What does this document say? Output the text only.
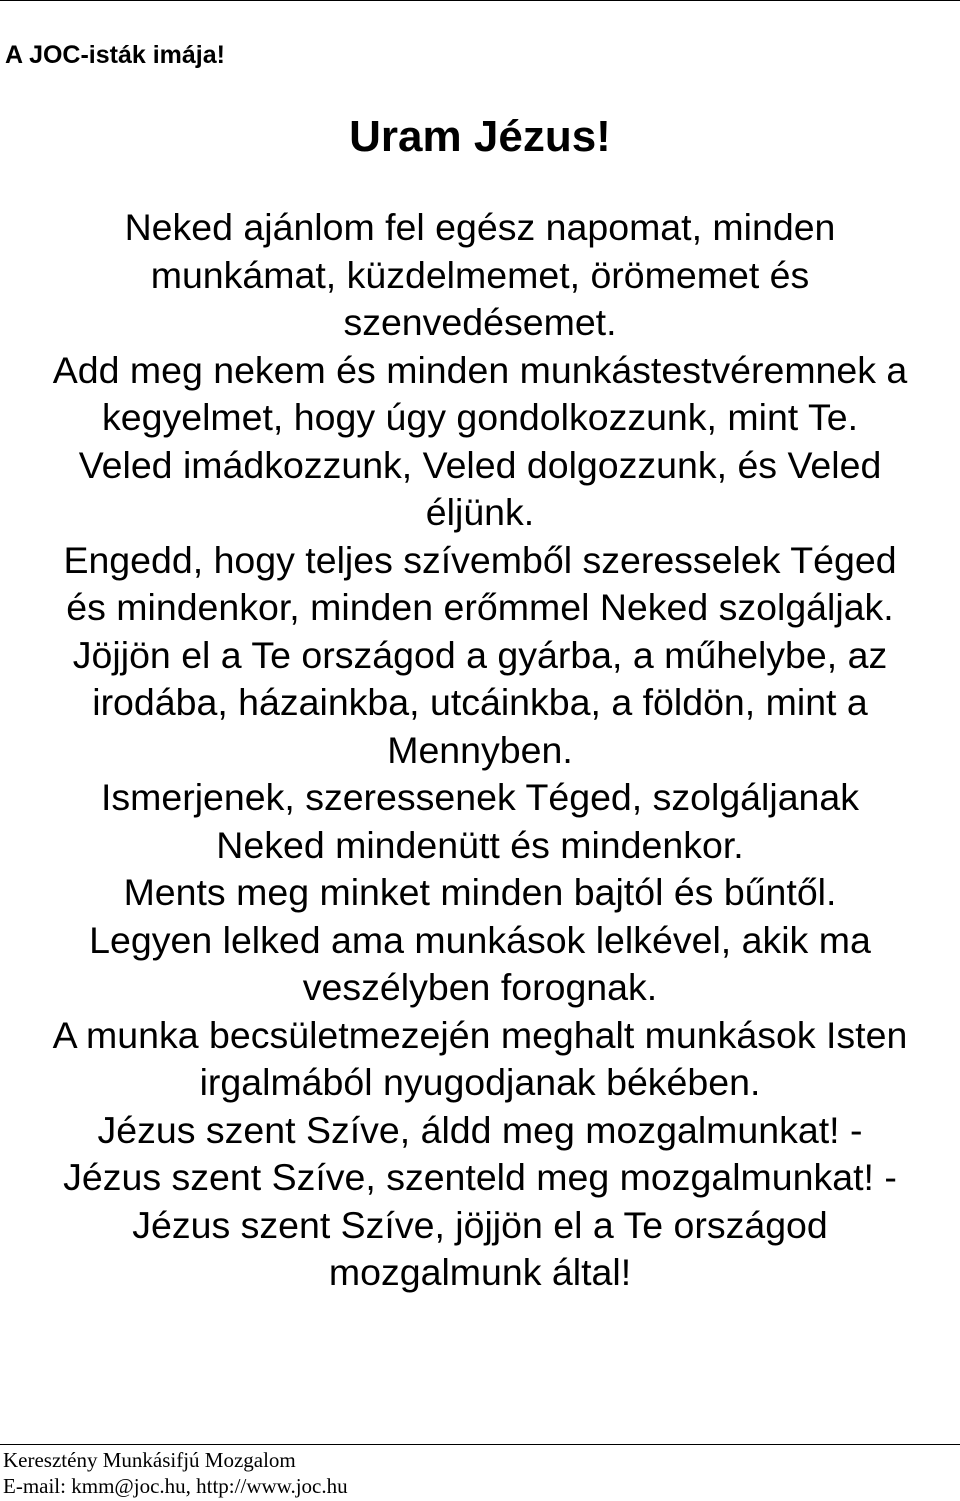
A JOC-isták imája!
Uram Jézus!
Neked ajánlom fel egész napomat, minden
munkámat, küzdelmemet, örömemet és
szenvedésemet.
Add meg nekem és minden munkástestvéremnek a
kegyelmet, hogy úgy gondolkozzunk, mint Te.
Veled imádkozzunk, Veled dolgozzunk, és Veled
éljünk.
Engedd, hogy teljes szívemből szeresselek Téged
és mindenkor, minden erőmmel Neked szolgáljak.
Jöjjön el a Te országod a gyárba, a műhelybe, az
irodába, házainkba, utcáinkba, a földön, mint a
Mennyben.
Ismerjenek, szeressenek Téged, szolgáljanak
Neked mindenütt és mindenkor.
Ments meg minket minden bajtól és bűntől.
Legyen lelked ama munkások lelkével, akik ma
veszélyben forognak.
A munka becsületmezején meghalt munkások Isten
irgalmából nyugodjanak békében.
Jézus szent Szíve, áldd meg mozgalmunkat! -
Jézus szent Szíve, szenteld meg mozgalmunkat! -
Jézus szent Szíve, jöjjön el a Te országod
mozgalmunk által!
Keresztény Munkásifjú Mozgalom
E-mail: kmm@joc.hu, http://www.joc.hu
